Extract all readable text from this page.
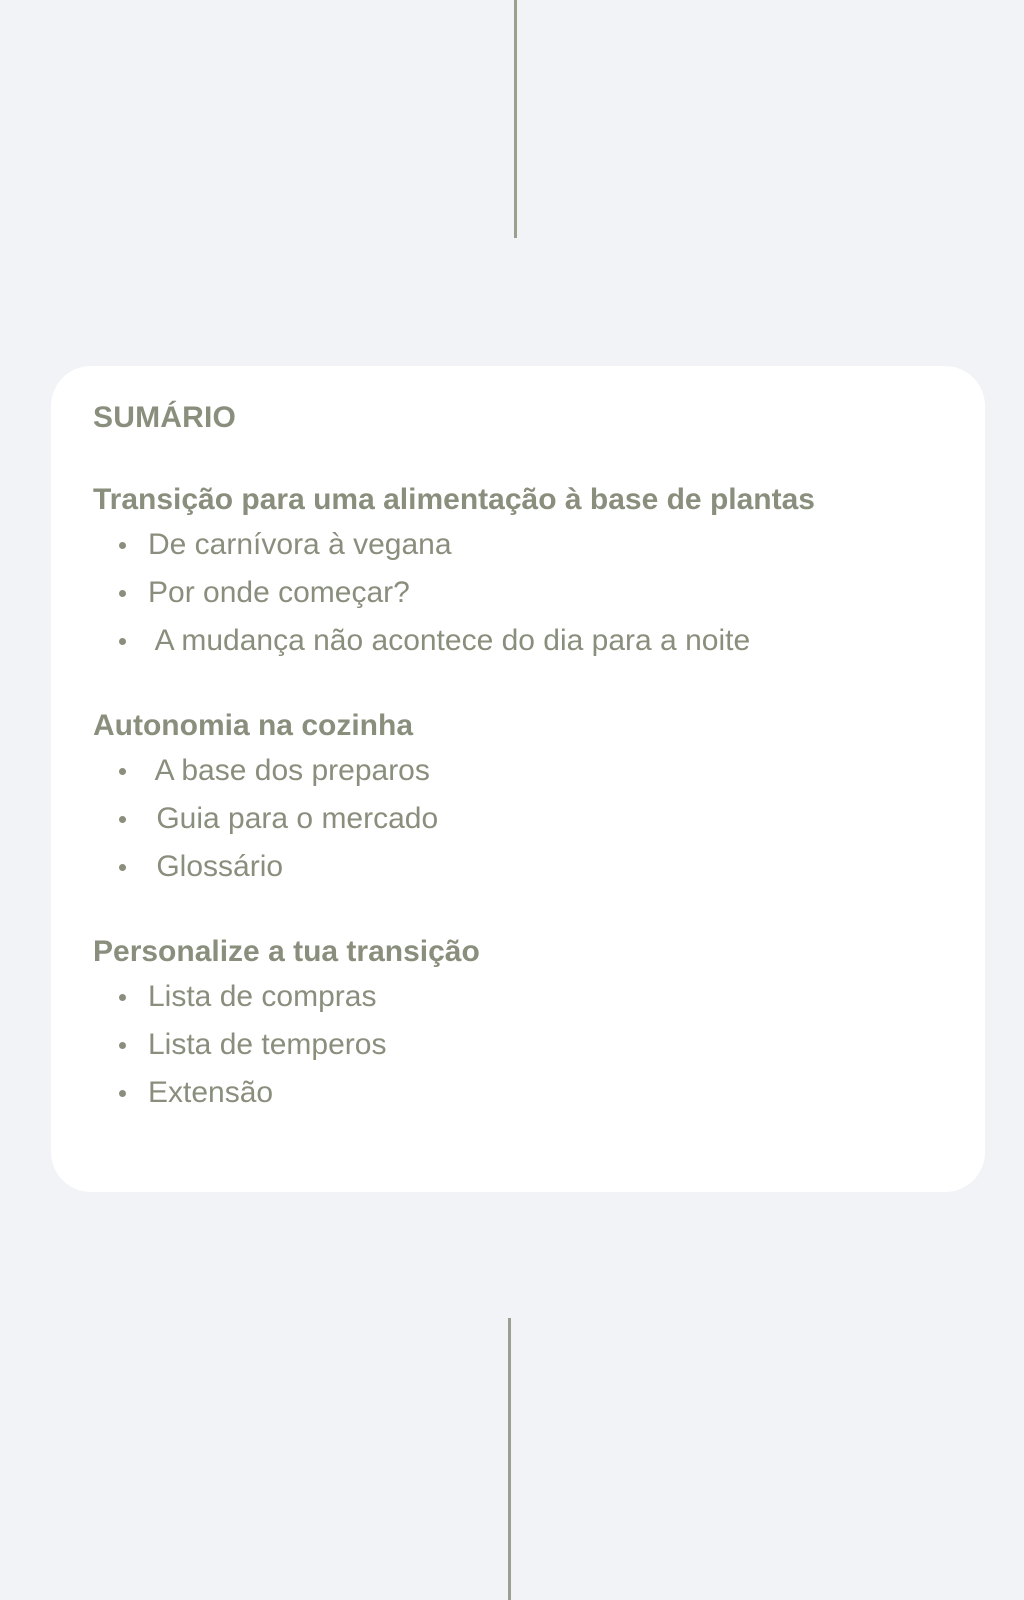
SUMÁRIO
Transição para uma alimentação à base de plantas
De carnívora à vegana
Por onde começar?
A mudança não acontece do dia para a noite
Autonomia na cozinha
A base dos preparos
Guia para o mercado
Glossário
Personalize a tua transição
Lista de compras
Lista de temperos
Extensão
